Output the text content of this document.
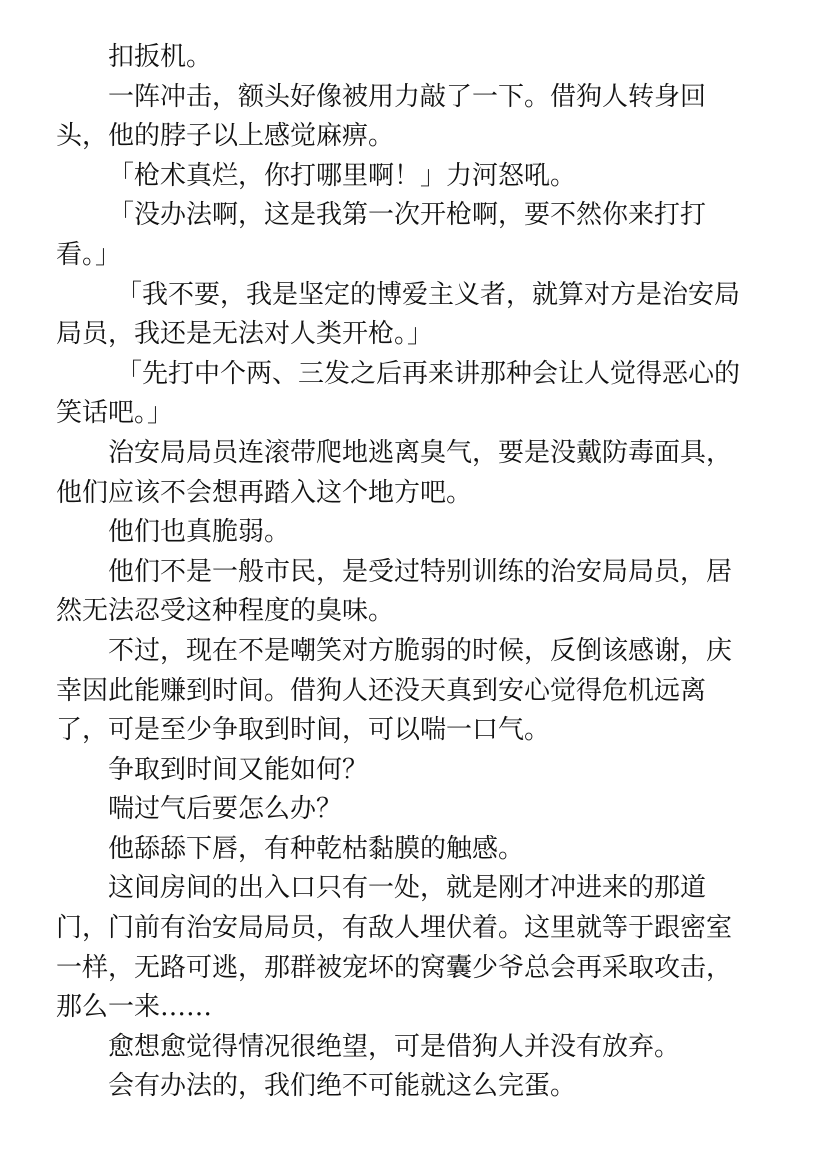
扣扳机。

一阵冲击，额头好像被用力敲了一下。借狗人转身回头，他的脖子以上感觉麻痹。

「枪术真烂，你打哪里啊！」力河怒吼。

「没办法啊，这是我第一次开枪啊，要不然你来打打看。」

「我不要，我是坚定的博爱主义者，就算对方是治安局局员，我还是无法对人类开枪。」

「先打中个两、三发之后再来讲那种会让人觉得恶心的笑话吧。」

治安局局员连滚带爬地逃离臭气，要是没戴防毒面具，他们应该不会想再踏入这个地方吧。

他们也真脆弱。

他们不是一般市民，是受过特别训练的治安局局员，居然无法忍受这种程度的臭味。

不过，现在不是嘲笑对方脆弱的时候，反倒该感谢，庆幸因此能赚到时间。借狗人还没天真到安心觉得危机远离了，可是至少争取到时间，可以喘一口气。

争取到时间又能如何？

喘过气后要怎么办？

他舔舔下唇，有种乾枯黏膜的触感。

这间房间的出入口只有一处，就是刚才冲进来的那道门，门前有治安局局员，有敌人埋伏着。这里就等于跟密室一样，无路可逃，那群被宠坏的窝囊少爷总会再采取攻击，那么一来……

愈想愈觉得情况很绝望，可是借狗人并没有放弃。

会有办法的，我们绝不可能就这么完蛋。
